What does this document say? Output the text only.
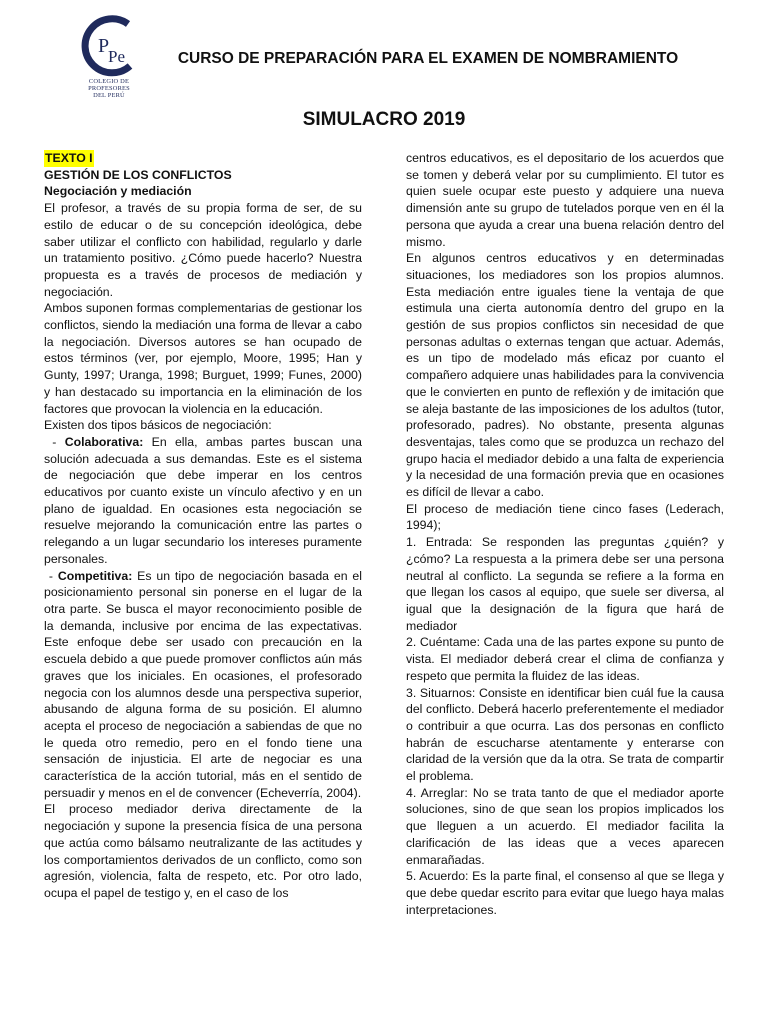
P
Pe
COLEGIO DE
PROFESORES
DEL PERÚ
CURSO DE PREPARACIÓN PARA EL EXAMEN DE NOMBRAMIENTO
SIMULACRO 2019

TEXTO I

GESTIÓN DE LOS CONFLICTOS

Negociación y mediación

El profesor, a través de su propia forma de ser, de su estilo de educar o de su concepción ideológica, debe saber utilizar el conflicto con habilidad, regularlo y darle un tratamiento positivo. ¿Cómo puede hacerlo? Nuestra propuesta es a través de procesos de mediación y negociación.

Ambos suponen formas complementarias de gestionar los conflictos, siendo la mediación una forma de llevar a cabo la negociación. Diversos autores se han ocupado de estos términos (ver, por ejemplo, Moore, 1995; Han y Gunty, 1997; Uranga, 1998; Burguet, 1999; Funes, 2000) y han destacado su importancia en la eliminación de los factores que provocan la violencia en la educación.

Existen dos tipos básicos de negociación:

- Colaborativa: En ella, ambas partes buscan una solución adecuada a sus demandas. Este es el sistema de negociación que debe imperar en los centros educativos por cuanto existe un vínculo afectivo y en un plano de igualdad. En ocasiones esta negociación se resuelve mejorando la comunicación entre las partes o relegando a un lugar secundario los intereses puramente personales.

- Competitiva: Es un tipo de negociación basada en el posicionamiento personal sin ponerse en el lugar de la otra parte. Se busca el mayor reconocimiento posible de la demanda, inclusive por encima de las expectativas. Este enfoque debe ser usado con precaución en la escuela debido a que puede promover conflictos aún más graves que los iniciales. En ocasiones, el profesorado negocia con los alumnos desde una perspectiva superior, abusando de alguna forma de su posición. El alumno acepta el proceso de negociación a sabiendas de que no le queda otro remedio, pero en el fondo tiene una sensación de injusticia. El arte de negociar es una característica de la acción tutorial, más en el sentido de persuadir y menos en el de convencer (Echeverría, 2004).

El proceso mediador deriva directamente de la negociación y supone la presencia física de una persona que actúa como bálsamo neutralizante de las actitudes y los comportamientos derivados de un conflicto, como son agresión, violencia, falta de respeto, etc. Por otro lado, ocupa el papel de testigo y, en el caso de los

centros educativos, es el depositario de los acuerdos que se tomen y deberá velar por su cumplimiento. El tutor es quien suele ocupar este puesto y adquiere una nueva dimensión ante su grupo de tutelados porque ven en él la persona que ayuda a crear una buena relación dentro del mismo.

En algunos centros educativos y en determinadas situaciones, los mediadores son los propios alumnos. Esta mediación entre iguales tiene la ventaja de que estimula una cierta autonomía dentro del grupo en la gestión de sus propios conflictos sin necesidad de que personas adultas o externas tengan que actuar. Además, es un tipo de modelado más eficaz por cuanto el compañero adquiere unas habilidades para la convivencia que le convierten en punto de reflexión y de imitación que se aleja bastante de las imposiciones de los adultos (tutor, profesorado, padres). No obstante, presenta algunas desventajas, tales como que se produzca un rechazo del grupo hacia el mediador debido a una falta de experiencia y la necesidad de una formación previa que en ocasiones es difícil de llevar a cabo.

El proceso de mediación tiene cinco fases (Lederach, 1994);

1. Entrada: Se responden las preguntas ¿quién? y ¿cómo? La respuesta a la primera debe ser una persona neutral al conflicto. La segunda se refiere a la forma en que llegan los casos al equipo, que suele ser diversa, al igual que la designación de la figura que hará de mediador

2. Cuéntame: Cada una de las partes expone su punto de vista. El mediador deberá crear el clima de confianza y respeto que permita la fluidez de las ideas.

3. Situarnos: Consiste en identificar bien cuál fue la causa del conflicto. Deberá hacerlo preferentemente el mediador o contribuir a que ocurra. Las dos personas en conflicto habrán de escucharse atentamente y enterarse con claridad de la versión que da la otra. Se trata de compartir el problema.

4. Arreglar: No se trata tanto de que el mediador aporte soluciones, sino de que sean los propios implicados los que lleguen a un acuerdo. El mediador facilita la clarificación de las ideas que a veces aparecen enmarañadas.

5. Acuerdo: Es la parte final, el consenso al que se llega y que debe quedar escrito para evitar que luego haya malas interpretaciones.
